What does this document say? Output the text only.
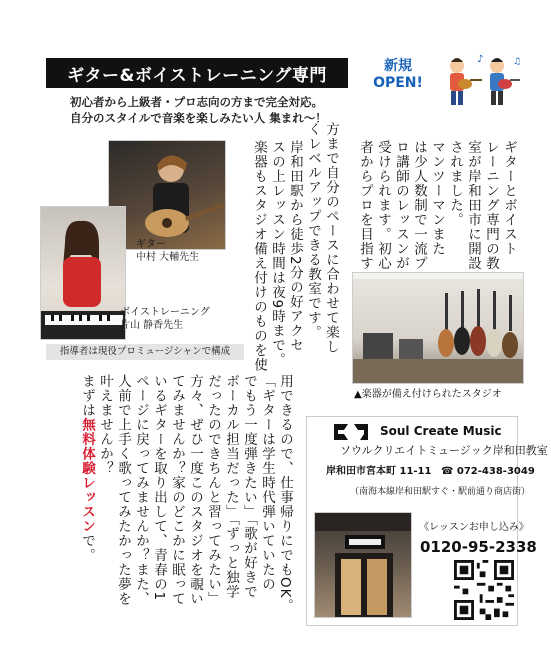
ギター&ボイストレーニング専門	新規
OPEN!
♪	♫
初心者から上級者・プロ志向の方まで完全対応。
自分のスタイルで音楽を楽しみたい人 集まれ〜！
ギターとボイスト
レーニング専門の教
室が岸和田市に開設
されました。
マンツーマンまた
は少人数制で一流プ
ロ講師のレッスンが
受けられます。初心
者からプロを目指す
方まで自分のペースに合わせて楽し
くレベルアップできる教室です。
岸和田駅から徒歩2分の好アクセ
スの上レッスン時間は夜9時まで。
楽器もスタジオ備え付けのものを使
ギター
中村 大輔先生
ボイストレーニング
片山 静香先生
指導者は現役プロミュージシャンで構成
▲楽器が備え付けられたスタジオ
用できるので、仕事帰りにでもOK。
「ギターは学生時代弾いていたの
でもう一度弾きたい」「歌が好きで
ボーカル担当だった」「ずっと独学
だったのできちんと習ってみたい」
方々、ぜひ一度このスタジオを覗い
てみませんか？家のどこかに眠って
いるギターを取り出して、青春の1
ページに戻ってみませんか？また、
人前で上手く歌ってみたかった夢を
叶えませんか？
まずは無料体験レッスンで。
Soul Create Music
ソウルクリエイトミュージック岸和田教室
岸和田市宮本町 11-11 ☎ 072-438-3049
（南海本線岸和田駅すぐ・駅前通り商店街）
《レッスンお申し込み》
0120-95-2338
